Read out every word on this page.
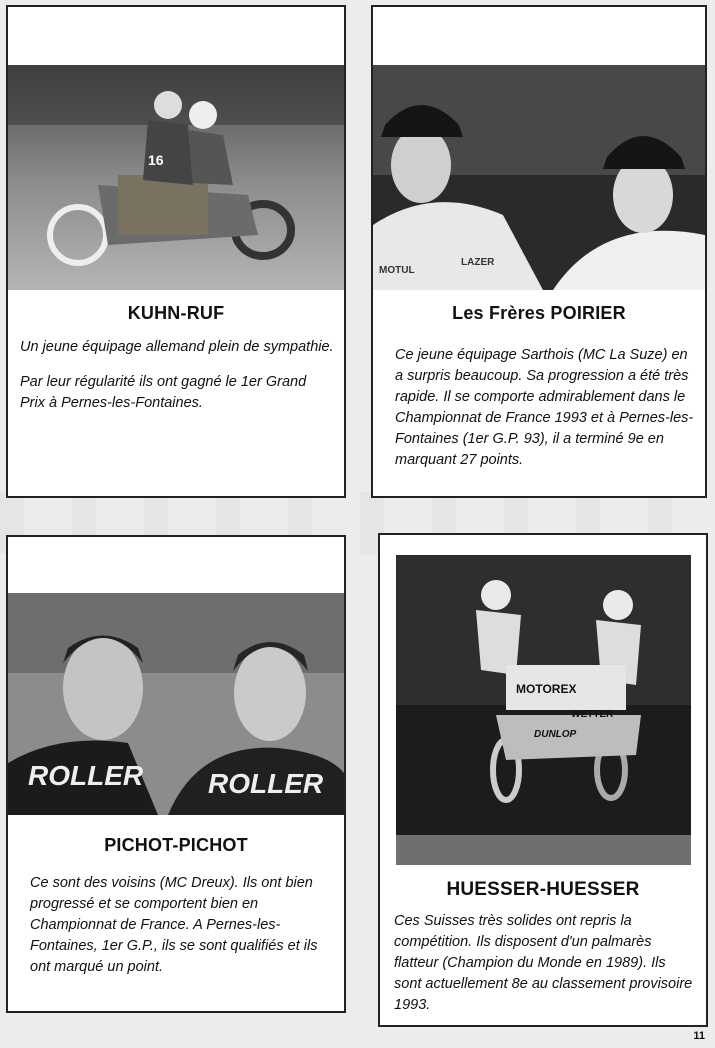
16
KUHN-RUF

Un jeune équipage allemand plein de sympathie.

Par leur régularité ils ont gagné le 1er Grand Prix à Pernes-les-Fontaines.

MOTUL
LAZER
Les Frères POIRIER

Ce jeune équipage Sarthois (MC La Suze) en a surpris beaucoup. Sa progression a été très rapide. Il se comporte admirablement dans le Championnat de France 1993 et à Pernes-les-Fontaines (1er G.P. 93), il a terminé 9e en marquant 27 points.

ROLLER ROLLER
PICHOT-PICHOT

Ce sont des voisins (MC Dreux). Ils ont bien progressé et se comportent bien en Championnat de France. A Pernes-les-Fontaines, 1er G.P., ils se sont qualifiés et ils ont marqué un point.

MOTOREX
WETTER
DUNLOP
HUESSER-HUESSER

Ces Suisses très solides ont repris la compétition. Ils disposent d'un palmarès flatteur (Champion du Monde en 1989). Ils sont actuellement 8e au classement provisoire 1993.

11
